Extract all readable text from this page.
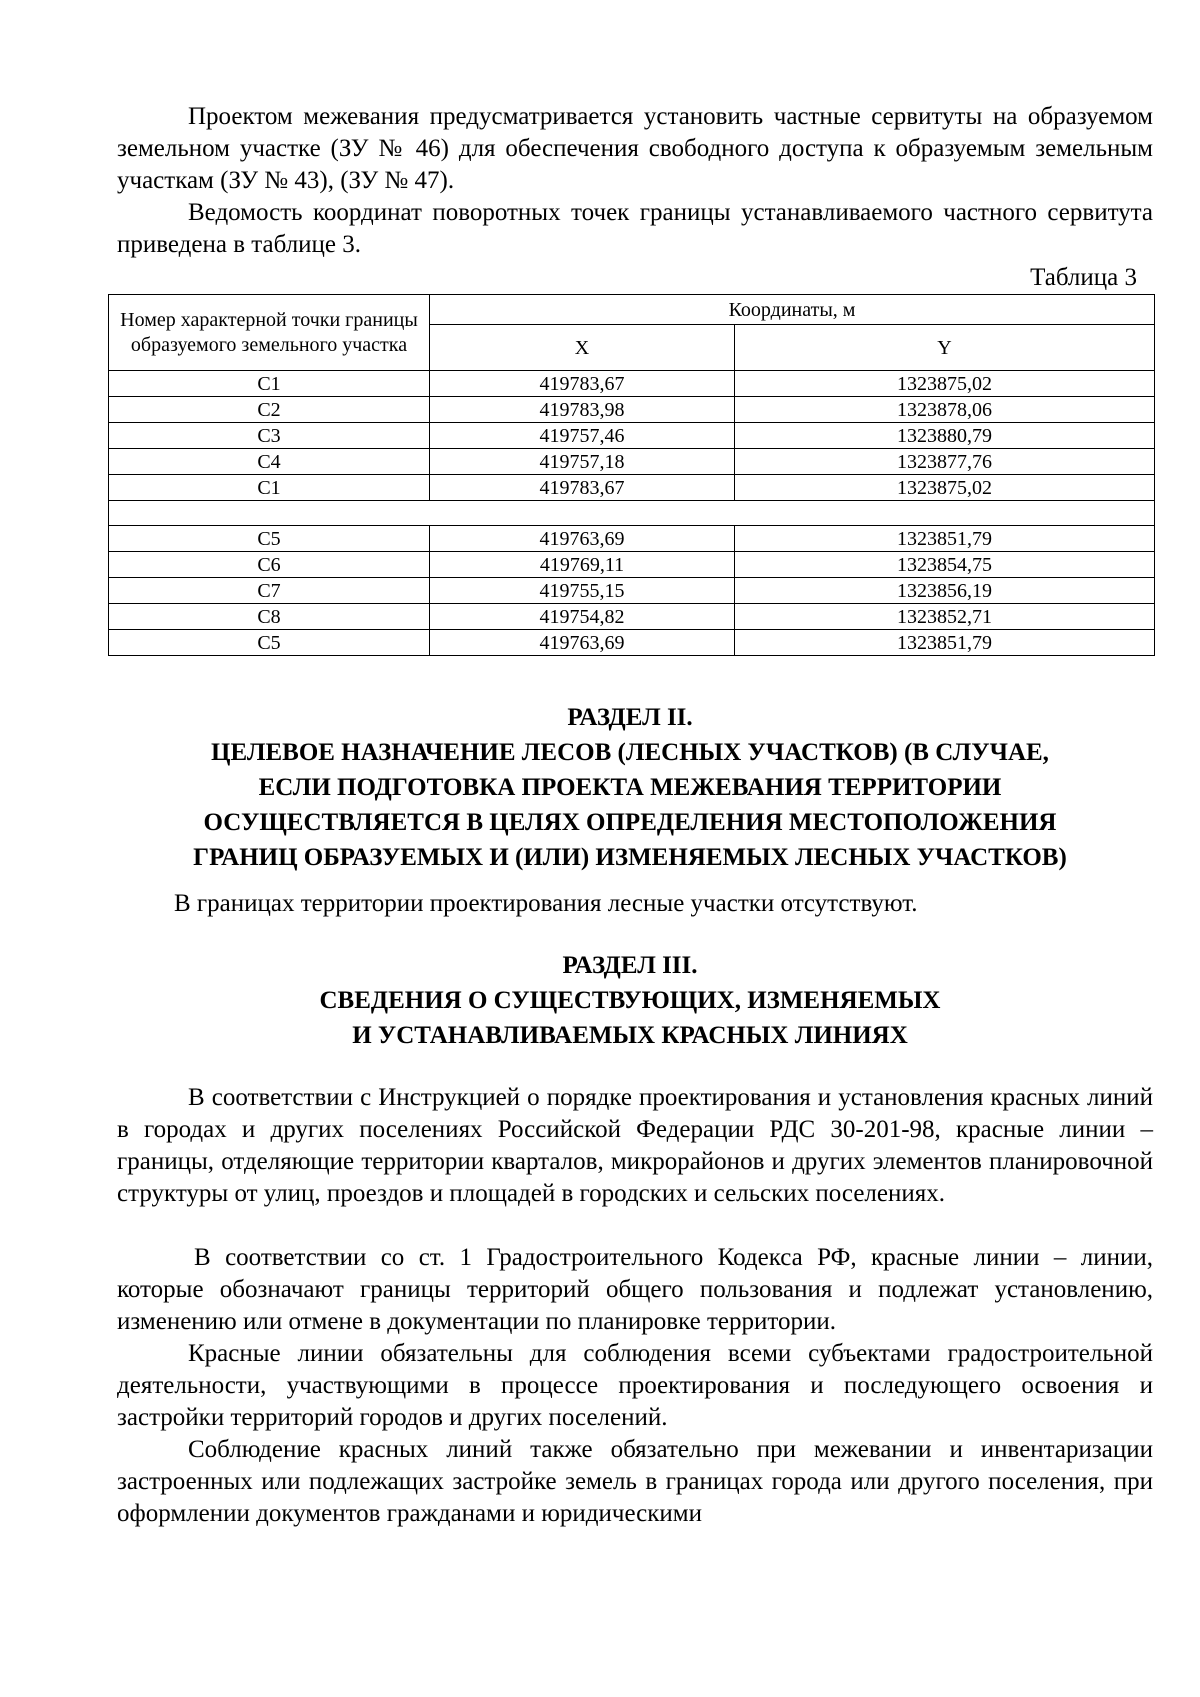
Проектом межевания предусматривается установить частные сервитуты на образуемом земельном участке (ЗУ № 46) для обеспечения свободного доступа к образуемым земельным участкам (ЗУ № 43), (ЗУ № 47).

Ведомость координат поворотных точек границы устанавливаемого частного сервитута приведена в таблице 3.

Таблица 3
Номер характерной точки границы образуемого земельного участка	Координаты, м	
	X	Y
С1	419783,67	1323875,02
С2	419783,98	1323878,06
С3	419757,46	1323880,79
С4	419757,18	1323877,76
С1	419783,67	1323875,02

С5	419763,69	1323851,79
С6	419769,11	1323854,75
С7	419755,15	1323856,19
С8	419754,82	1323852,71
С5	419763,69	1323851,79
РАЗДЕЛ II.
ЦЕЛЕВОЕ НАЗНАЧЕНИЕ ЛЕСОВ (ЛЕСНЫХ УЧАСТКОВ) (В СЛУЧАЕ,
ЕСЛИ ПОДГОТОВКА ПРОЕКТА МЕЖЕВАНИЯ ТЕРРИТОРИИ
ОСУЩЕСТВЛЯЕТСЯ В ЦЕЛЯХ ОПРЕДЕЛЕНИЯ МЕСТОПОЛОЖЕНИЯ
ГРАНИЦ ОБРАЗУЕМЫХ И (ИЛИ) ИЗМЕНЯЕМЫХ ЛЕСНЫХ УЧАСТКОВ)

В границах территории проектирования лесные участки отсутствуют.

РАЗДЕЛ III.
СВЕДЕНИЯ О СУЩЕСТВУЮЩИХ, ИЗМЕНЯЕМЫХ
И УСТАНАВЛИВАЕМЫХ КРАСНЫХ ЛИНИЯХ

В соответствии с Инструкцией о порядке проектирования и установления красных линий в городах и других поселениях Российской Федерации РДС 30-201-98, красные линии – границы, отделяющие территории кварталов, микрорайонов и других элементов планировочной структуры от улиц, проездов и площадей в городских и сельских поселениях.

В соответствии со ст. 1 Градостроительного Кодекса РФ, красные линии – линии, которые обозначают границы территорий общего пользования и подлежат установлению, изменению или отмене в документации по планировке территории.

Красные линии обязательны для соблюдения всеми субъектами градостроительной деятельности, участвующими в процессе проектирования и последующего освоения и застройки территорий городов и других поселений.

Соблюдение красных линий также обязательно при межевании и инвентаризации застроенных или подлежащих застройке земель в границах города или другого поселения, при оформлении документов гражданами и юридическими
